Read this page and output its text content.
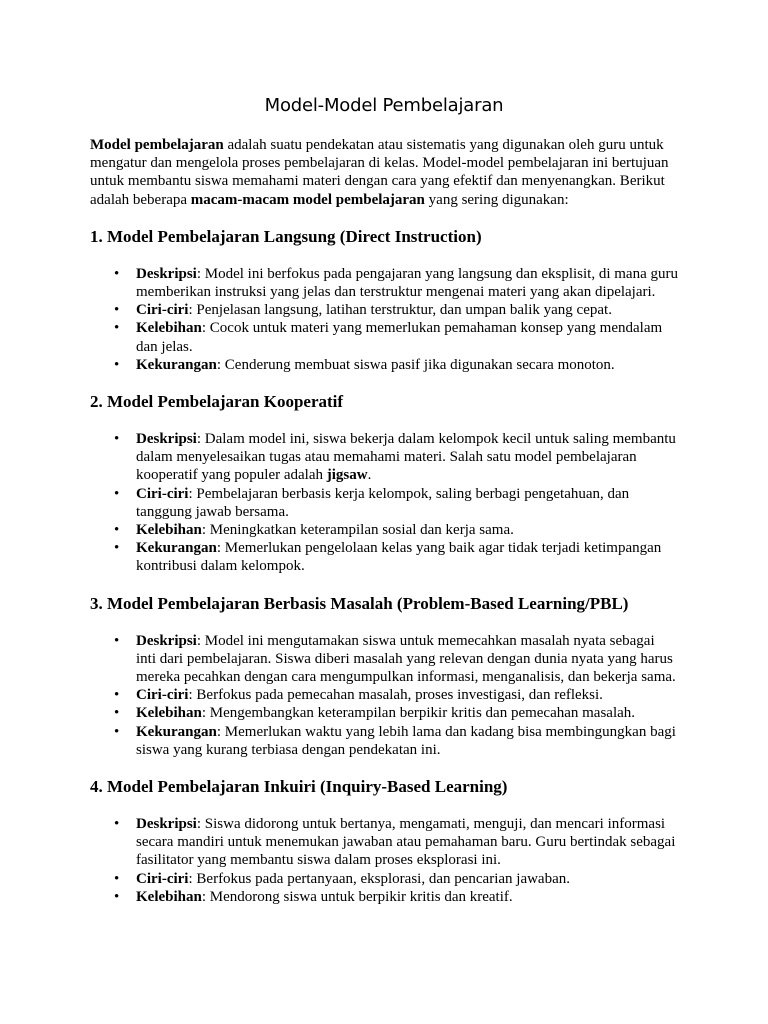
Model-Model Pembelajaran

Model pembelajaran adalah suatu pendekatan atau sistematis yang digunakan oleh guru untuk mengatur dan mengelola proses pembelajaran di kelas. Model-model pembelajaran ini bertujuan untuk membantu siswa memahami materi dengan cara yang efektif dan menyenangkan. Berikut adalah beberapa macam-macam model pembelajaran yang sering digunakan:

1. Model Pembelajaran Langsung (Direct Instruction)
• Deskripsi: Model ini berfokus pada pengajaran yang langsung dan eksplisit, di mana guru memberikan instruksi yang jelas dan terstruktur mengenai materi yang akan dipelajari.
• Ciri-ciri: Penjelasan langsung, latihan terstruktur, dan umpan balik yang cepat.
• Kelebihan: Cocok untuk materi yang memerlukan pemahaman konsep yang mendalam dan jelas.
• Kekurangan: Cenderung membuat siswa pasif jika digunakan secara monoton.
2. Model Pembelajaran Kooperatif
• Deskripsi: Dalam model ini, siswa bekerja dalam kelompok kecil untuk saling membantu dalam menyelesaikan tugas atau memahami materi. Salah satu model pembelajaran kooperatif yang populer adalah jigsaw.
• Ciri-ciri: Pembelajaran berbasis kerja kelompok, saling berbagi pengetahuan, dan tanggung jawab bersama.
• Kelebihan: Meningkatkan keterampilan sosial dan kerja sama.
• Kekurangan: Memerlukan pengelolaan kelas yang baik agar tidak terjadi ketimpangan kontribusi dalam kelompok.
3. Model Pembelajaran Berbasis Masalah (Problem-Based Learning/PBL)
• Deskripsi: Model ini mengutamakan siswa untuk memecahkan masalah nyata sebagai inti dari pembelajaran. Siswa diberi masalah yang relevan dengan dunia nyata yang harus mereka pecahkan dengan cara mengumpulkan informasi, menganalisis, dan bekerja sama.
• Ciri-ciri: Berfokus pada pemecahan masalah, proses investigasi, dan refleksi.
• Kelebihan: Mengembangkan keterampilan berpikir kritis dan pemecahan masalah.
• Kekurangan: Memerlukan waktu yang lebih lama dan kadang bisa membingungkan bagi siswa yang kurang terbiasa dengan pendekatan ini.
4. Model Pembelajaran Inkuiri (Inquiry-Based Learning)
• Deskripsi: Siswa didorong untuk bertanya, mengamati, menguji, dan mencari informasi secara mandiri untuk menemukan jawaban atau pemahaman baru. Guru bertindak sebagai fasilitator yang membantu siswa dalam proses eksplorasi ini.
• Ciri-ciri: Berfokus pada pertanyaan, eksplorasi, dan pencarian jawaban.
• Kelebihan: Mendorong siswa untuk berpikir kritis dan kreatif.
